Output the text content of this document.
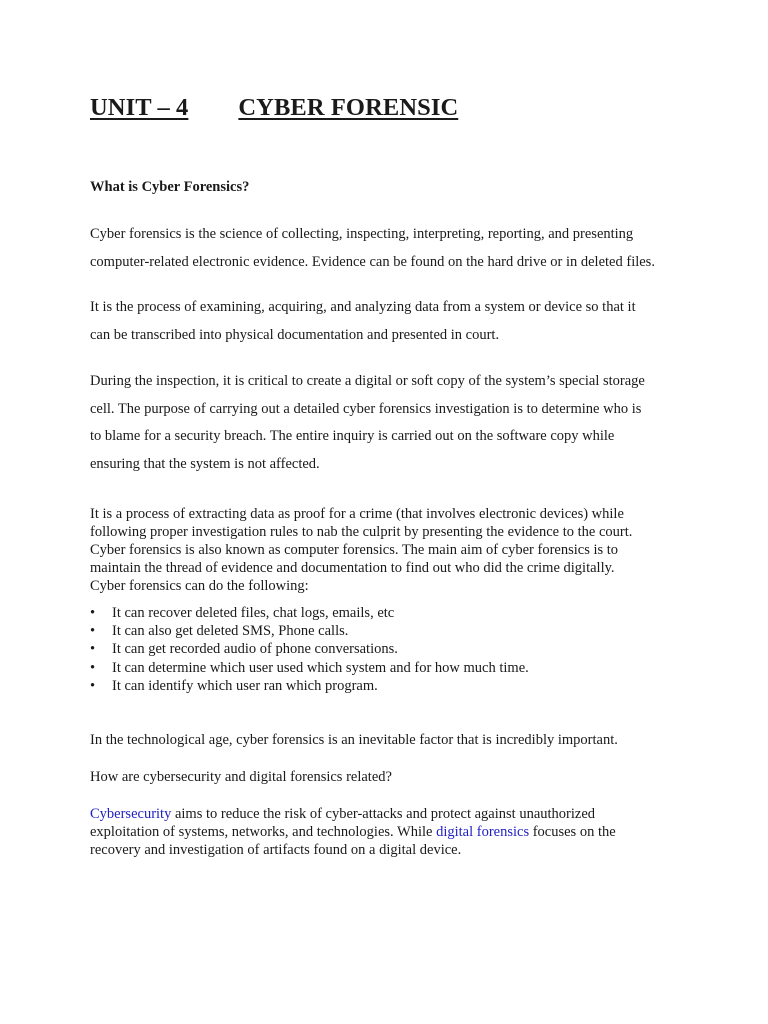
UNIT – 4 CYBER FORENSIC
What is Cyber Forensics?
Cyber forensics is the science of collecting, inspecting, interpreting, reporting, and presenting
computer-related electronic evidence. Evidence can be found on the hard drive or in deleted files.
It is the process of examining, acquiring, and analyzing data from a system or device so that it
can be transcribed into physical documentation and presented in court.
During the inspection, it is critical to create a digital or soft copy of the system’s special storage
cell. The purpose of carrying out a detailed cyber forensics investigation is to determine who is
to blame for a security breach. The entire inquiry is carried out on the software copy while
ensuring that the system is not affected.
It is a process of extracting data as proof for a crime (that involves electronic devices) while
following proper investigation rules to nab the culprit by presenting the evidence to the court.
Cyber forensics is also known as computer forensics. The main aim of cyber forensics is to
maintain the thread of evidence and documentation to find out who did the crime digitally.
Cyber forensics can do the following:
• It can recover deleted files, chat logs, emails, etc
• It can also get deleted SMS, Phone calls.
• It can get recorded audio of phone conversations.
• It can determine which user used which system and for how much time.
• It can identify which user ran which program.
In the technological age, cyber forensics is an inevitable factor that is incredibly important.
How are cybersecurity and digital forensics related?
Cybersecurity aims to reduce the risk of cyber-attacks and protect against unauthorized
exploitation of systems, networks, and technologies. While digital forensics focuses on the
recovery and investigation of artifacts found on a digital device.
